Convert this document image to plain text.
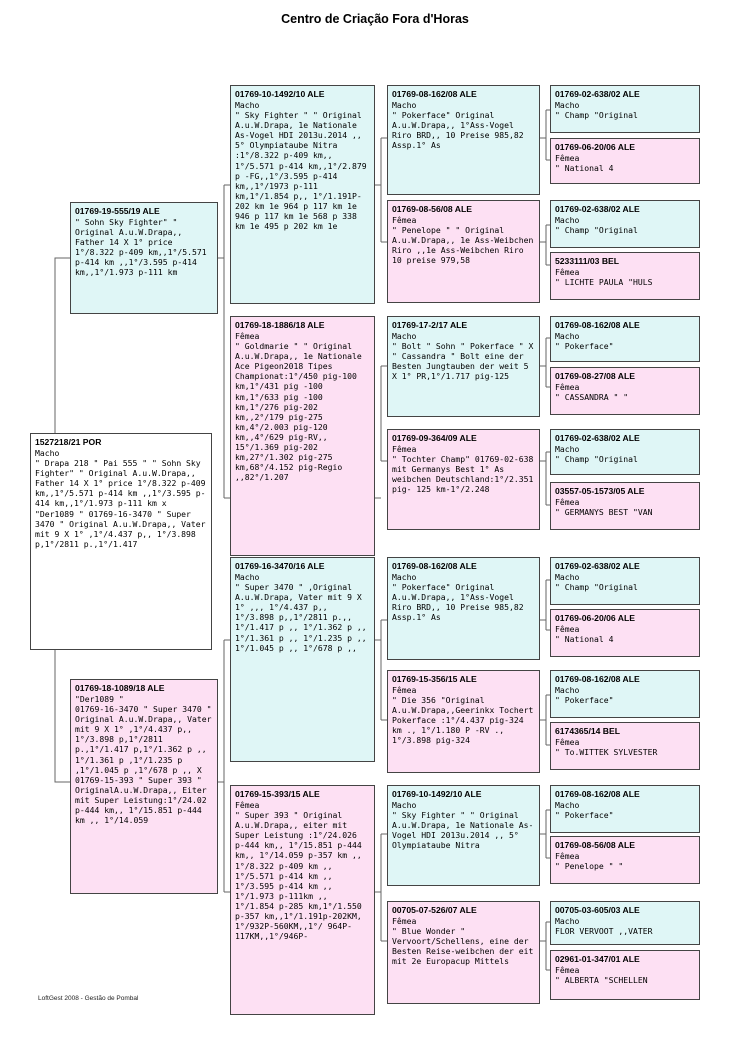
Centro de Criação Fora d'Horas
1527218/21 POR
Macho
" Drapa 218 " Pai 555 " " Sohn Sky Fighter" " Original A.u.W.Drapa,, Father 14 X 1° price 1°/8.322 p-409 km,,1°/5.571 p-414 km ,,1°/3.595 p-414 km,,1°/1.973 p-111 km x "Der1089 " 01769-16-3470 " Super 3470 " Original A.u.W.Drapa,, Vater mit 9 X 1° ,1°/4.437 p,, 1°/3.898 p,1°/2811 p.,1°/1.417
01769-19-555/19 ALE
" Sohn Sky Fighter" " Original A.u.W.Drapa,, Father 14 X 1° price 1°/8.322 p-409 km,,1°/5.571 p-414 km ,,1°/3.595 p-414 km,,1°/1.973 p-111 km
01769-18-1089/18 ALE
"Der1089 "
01769-16-3470 " Super 3470 " Original A.u.W.Drapa,, Vater mit 9 X 1° ,1°/4.437 p,, 1°/3.898 p,1°/2811 p.,1°/1.417 p,1°/1.362 p ,, 1°/1.361 p ,1°/1.235 p ,1°/1.045 p ,1°/678 p ,, X 01769-15-393 " Super 393 " OriginalA.u.W.Drapa,, Eiter mit Super Leistung:1°/24.02 p-444 km,, 1°/15.851 p-444 km ,, 1°/14.059
01769-10-1492/10 ALE
Macho
" Sky Fighter " " Original A.u.W.Drapa, 1e Nationale As-Vogel HDI 2013u.2014 ,, 5° Olympiataube Nitra :1°/8.322 p-409 km,, 1°/5.571 p-414 km,,1°/2.879 p -FG,,1°/3.595 p-414 km,,1°/1973 p-111 km,1°/1.854 p,, 1°/1.191P-202 km 1e 964 p 117 km 1e 946 p 117 km 1e 568 p 338 km 1e 495 p 202 km 1e
01769-18-1886/18 ALE
Fêmea
" Goldmarie " " Original A.u.W.Drapa,, 1e Nationale Ace Pigeon2018 Tipes Championat:1°/450 pig-100 km,1°/431 pig -100 km,1°/633 pig -100 km,1°/276 pig-202 km,,2°/179 pig-275 km,4°/2.003 pig-120 km,,4°/629 pig-RV,, 15°/1.369 pig-202 km,27°/1.302 pig-275 km,68°/4.152 pig-Regio ,,82°/1.207
01769-16-3470/16 ALE
Macho
" Super 3470 " ,Original A.u.W.Drapa, Vater mit 9 X 1° ,,, 1°/4.437 p,, 1°/3.898 p,,1°/2811 p.,, 1°/1.417 p ,, 1°/1.362 p ,, 1°/1.361 p ,, 1°/1.235 p ,, 1°/1.045 p ,, 1°/678 p ,,
01769-15-393/15 ALE
Fêmea
" Super 393 " Original A.u.W.Drapa,, eiter mit Super Leistung :1°/24.026 p-444 km,, 1°/15.851 p-444 km,, 1°/14.059 p-357 km ,, 1°/8.322 p-409 km ,, 1°/5.571 p-414 km ,, 1°/3.595 p-414 km ,, 1°/1.973 p-111km ,, 1°/1.854 p-285 km,1°/1.550 p-357 km,,1°/1.191p-202KM, 1°/932P-560KM,,1°/ 964P-117KM,,1°/946P-
01769-08-162/08 ALE
Macho
" Pokerface" Original A.u.W.Drapa,, 1°Ass-Vogel Riro BRD,, 10 Preise 985,82 Assp.1° As
01769-08-56/08 ALE
Fêmea
" Penelope " " Original A.u.W.Drapa,, 1e Ass-Weibchen Riro ,,1e Ass-Weibchen Riro 10 preise 979,58
01769-17-2/17 ALE
Macho
" Bolt " Sohn " Pokerface " X " Cassandra " Bolt eine der Besten Jungtauben der weit 5 X 1° PR,1°/1.717 pig-125
01769-09-364/09 ALE
Fêmea
" Tochter Champ" 01769-02-638 mit Germanys Best 1° As weibchen Deutschland:1°/2.351 pig- 125 km-1°/2.248
01769-08-162/08 ALE
Macho
" Pokerface" Original A.u.W.Drapa,, 1°Ass-Vogel Riro BRD,, 10 Preise 985,82 Assp.1° As
01769-15-356/15 ALE
Fêmea
" Die 356 "Original A.u.W.Drapa,,Geerinkx Tochert Pokerface :1°/4.437 pig-324 km ., 1°/1.180 P -RV ., 1°/3.898 pig-324
01769-10-1492/10 ALE
Macho
" Sky Fighter " " Original A.u.W.Drapa, 1e Nationale As-Vogel HDI 2013u.2014 ,, 5° Olympiataube Nitra
00705-07-526/07 ALE
Fêmea
" Blue Wonder " Vervoort/Schellens, eine der Besten Reise-weibchen der eit mit 2e Europacup Mittels
01769-02-638/02 ALE
Macho
" Champ "Original
01769-06-20/06 ALE
Fêmea
" National 4
01769-02-638/02 ALE
Macho
" Champ "Original
5233111/03 BEL
Fêmea
" LICHTE PAULA "HULS
01769-08-162/08 ALE
Macho
" Pokerface"
01769-08-27/08 ALE
Fêmea
" CASSANDRA " "
01769-02-638/02 ALE
Macho
" Champ "Original
03557-05-1573/05 ALE
Fêmea
" GERMANYS BEST "VAN
01769-02-638/02 ALE
Macho
" Champ "Original
01769-06-20/06 ALE
Fêmea
" National 4
01769-08-162/08 ALE
Macho
" Pokerface"
6174365/14 BEL
Fêmea
" To.WITTEK SYLVESTER
01769-08-162/08 ALE
Macho
" Pokerface"
01769-08-56/08 ALE
Fêmea
" Penelope " "
00705-03-605/03 ALE
Macho
FLOR VERVOOT ,,VATER
02961-01-347/01 ALE
Fêmea
" ALBERTA "SCHELLEN
LoftGest 2008 - Gestão de Pombal
